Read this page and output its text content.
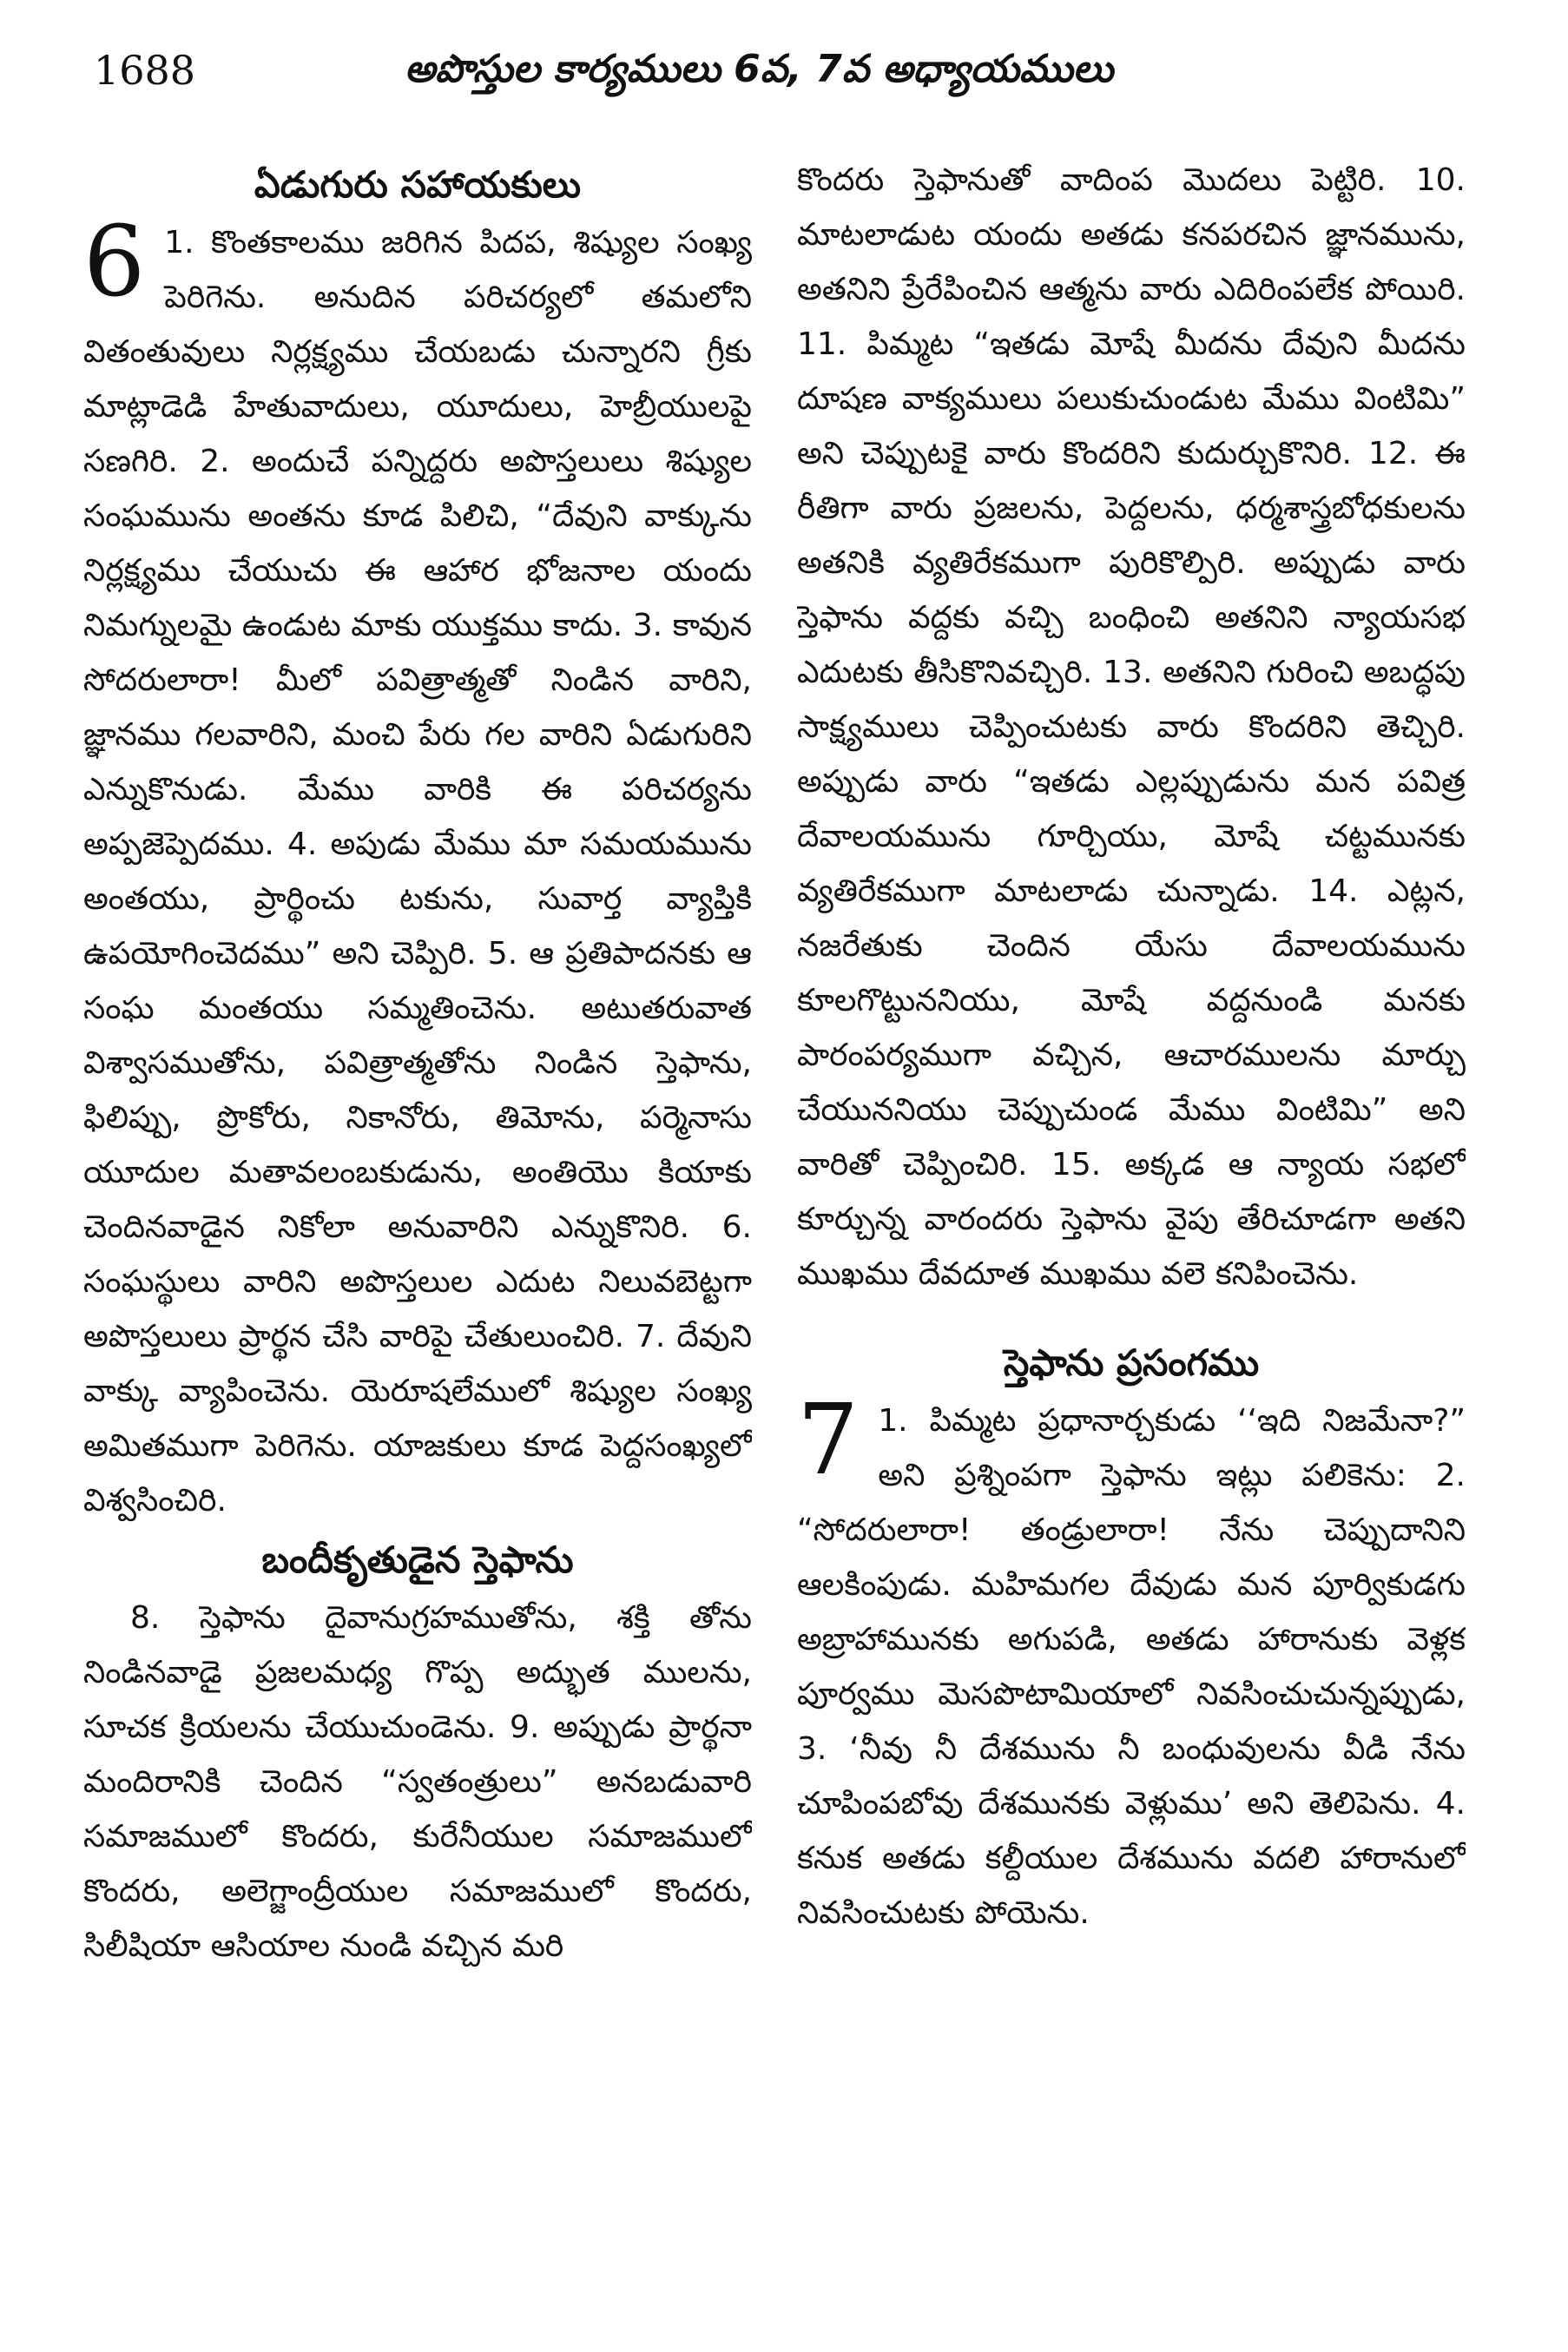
1688	అపొస్తుల కార్యములు 6వ, 7వ అధ్యాయములు
ఏడుగురు సహాయకులు

6 1. కొంతకాలము జరిగిన పిదప, శిష్యుల సంఖ్య పెరిగెను. అనుదిన పరిచర్యలో తమలోని వితంతువులు నిర్లక్ష్యము చేయబడు చున్నారని గ్రీకు మాట్లాడెడి హేతువాదులు, యూదులు, హెబ్రీయులపై సణగిరి. 2. అందుచే పన్నిద్దరు అపొస్తలులు శిష్యుల సంఘమును అంతను కూడ పిలిచి, “దేవుని వాక్కును నిర్లక్ష్యము చేయుచు ఈ ఆహార భోజనాల యందు నిమగ్నులమై ఉండుట మాకు యుక్తము కాదు. 3. కావున సోదరులారా! మీలో పవిత్రాత్మతో నిండిన వారిని, జ్ఞానము గలవారిని, మంచి పేరు గల వారిని ఏడుగురిని ఎన్నుకొనుడు. మేము వారికి ఈ పరిచర్యను అప్పజెప్పెదము. 4. అపుడు మేము మా సమయమును అంతయు, ప్రార్థించు టకును, సువార్త వ్యాప్తికి ఉపయోగించెదము” అని చెప్పిరి. 5. ఆ ప్రతిపాదనకు ఆ సంఘ మంతయు సమ్మతించెను. అటుతరువాత విశ్వాసముతోను, పవిత్రాత్మతోను నిండిన స్తెఫాను, ఫిలిప్పు, ప్రొకోరు, నికానోరు, తిమోను, పర్మెనాసు యూదుల మతావలంబకుడును, అంతియొ కియాకు చెందినవాడైన నికోలా అనువారిని ఎన్నుకొనిరి. 6. సంఘస్థులు వారిని అపొస్తలుల ఎదుట నిలువబెట్టగా అపొస్తలులు ప్రార్థన చేసి వారిపై చేతులుంచిరి. 7. దేవుని వాక్కు వ్యాపించెను. యెరూషలేములో శిష్యుల సంఖ్య అమితముగా పెరిగెను. యాజకులు కూడ పెద్దసంఖ్యలో విశ్వసించిరి.

బందీకృతుడైన స్తెఫాను

8. స్తెఫాను దైవానుగ్రహముతోను, శక్తి తోను నిండినవాడై ప్రజలమధ్య గొప్ప అద్భుత ములను, సూచక క్రియలను చేయుచుండెను. 9. అప్పుడు ప్రార్థనా మందిరానికి చెందిన “స్వతంత్రులు” అనబడువారి సమాజములో కొందరు, కురేనీయుల సమాజములో కొందరు, అలెగ్జాంద్రీయుల సమాజములో కొందరు, సిలీషియా ఆసియాల నుండి వచ్చిన మరి

కొందరు స్తెఫానుతో వాదింప మొదలు పెట్టిరి. 10. మాటలాడుట యందు అతడు కనపరచిన జ్ఞానమును, అతనిని ప్రేరేపించిన ఆత్మను వారు ఎదిరింపలేక పోయిరి. 11. పిమ్మట “ఇతడు మోషే మీదను దేవుని మీదను దూషణ వాక్యములు పలుకుచుండుట మేము వింటిమి” అని చెప్పుటకై వారు కొందరిని కుదుర్చుకొనిరి. 12. ఈ రీతిగా వారు ప్రజలను, పెద్దలను, ధర్మశాస్త్రబోధకులను అతనికి వ్యతిరేకముగా పురికొల్పిరి. అప్పుడు వారు స్తెఫాను వద్దకు వచ్చి బంధించి అతనిని న్యాయసభ ఎదుటకు తీసికొనివచ్చిరి. 13. అతనిని గురించి అబద్ధపు సాక్ష్యములు చెప్పించుటకు వారు కొందరిని తెచ్చిరి. అప్పుడు వారు “ఇతడు ఎల్లప్పుడును మన పవిత్ర దేవాలయమును గూర్చియు, మోషే చట్టమునకు వ్యతిరేకముగా మాటలాడు చున్నాడు. 14. ఎట్లన, నజరేతుకు చెందిన యేసు దేవాలయమును కూలగొట్టుననియు, మోషే వద్దనుండి మనకు పారంపర్యముగా వచ్చిన, ఆచారములను మార్చు చేయుననియు చెప్పుచుండ మేము వింటిమి” అని వారితో చెప్పించిరి. 15. అక్కడ ఆ న్యాయ సభలో కూర్చున్న వారందరు స్తెఫాను వైపు తేరిచూడగా అతని ముఖము దేవదూత ముఖము వలె కనిపించెను.

స్తెఫాను ప్రసంగము

7 1. పిమ్మట ప్రధానార్చకుడు ‘‘ఇది నిజమేనా?” అని ప్రశ్నింపగా స్తెఫాను ఇట్లు పలికెను: 2. “సోదరులారా! తండ్రులారా! నేను చెప్పుదానిని ఆలకింపుడు. మహిమగల దేవుడు మన పూర్వికుడగు అబ్రాహామునకు అగుపడి, అతడు హారానుకు వెళ్లక పూర్వము మెసపొటామియాలో నివసించుచున్నప్పుడు, 3. ‘నీవు నీ దేశమును నీ బంధువులను వీడి నేను చూపింపబోవు దేశమునకు వెళ్లుము’ అని తెలిపెను. 4. కనుక అతడు కల్దీయుల దేశమును వదలి హారానులో నివసించుటకు పోయెను.
